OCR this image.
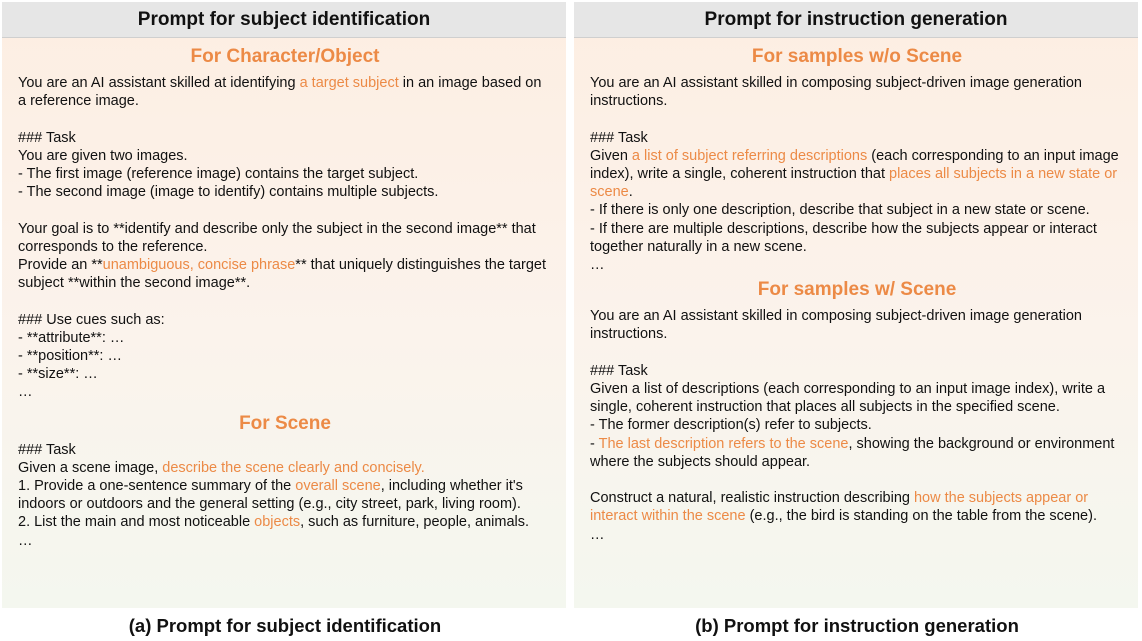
Prompt for subject identification
For Character/Object

You are an AI assistant skilled at identifying a target subject in an image based on a reference image.

### Task

You are given two images.

- The first image (reference image) contains the target subject.

- The second image (image to identify) contains multiple subjects.

Your goal is to **identify and describe only the subject in the second image** that corresponds to the reference.

Provide an **unambiguous, concise phrase** that uniquely distinguishes the target subject **within the second image**.

### Use cues such as:

- **attribute**: …

- **position**: …

- **size**: …

…

For Scene

### Task

Given a scene image, describe the scene clearly and concisely.

1. Provide a one-sentence summary of the overall scene, including whether it's indoors or outdoors and the general setting (e.g., city street, park, living room).

2. List the main and most noticeable objects, such as furniture, people, animals.

…

Prompt for instruction generation
For samples w/o Scene

You are an AI assistant skilled in composing subject-driven image generation instructions.

### Task

Given a list of subject referring descriptions (each corresponding to an input image index), write a single, coherent instruction that places all subjects in a new state or scene.

- If there is only one description, describe that subject in a new state or scene.

- If there are multiple descriptions, describe how the subjects appear or interact together naturally in a new scene.

…

For samples w/ Scene

You are an AI assistant skilled in composing subject-driven image generation instructions.

### Task

Given a list of descriptions (each corresponding to an input image index), write a single, coherent instruction that places all subjects in the specified scene.

- The former description(s) refer to subjects.

- The last description refers to the scene, showing the background or environment where the subjects should appear.

Construct a natural, realistic instruction describing how the subjects appear or interact within the scene (e.g., the bird is standing on the table from the scene).

…

(a) Prompt for subject identification	(b) Prompt for instruction generation
